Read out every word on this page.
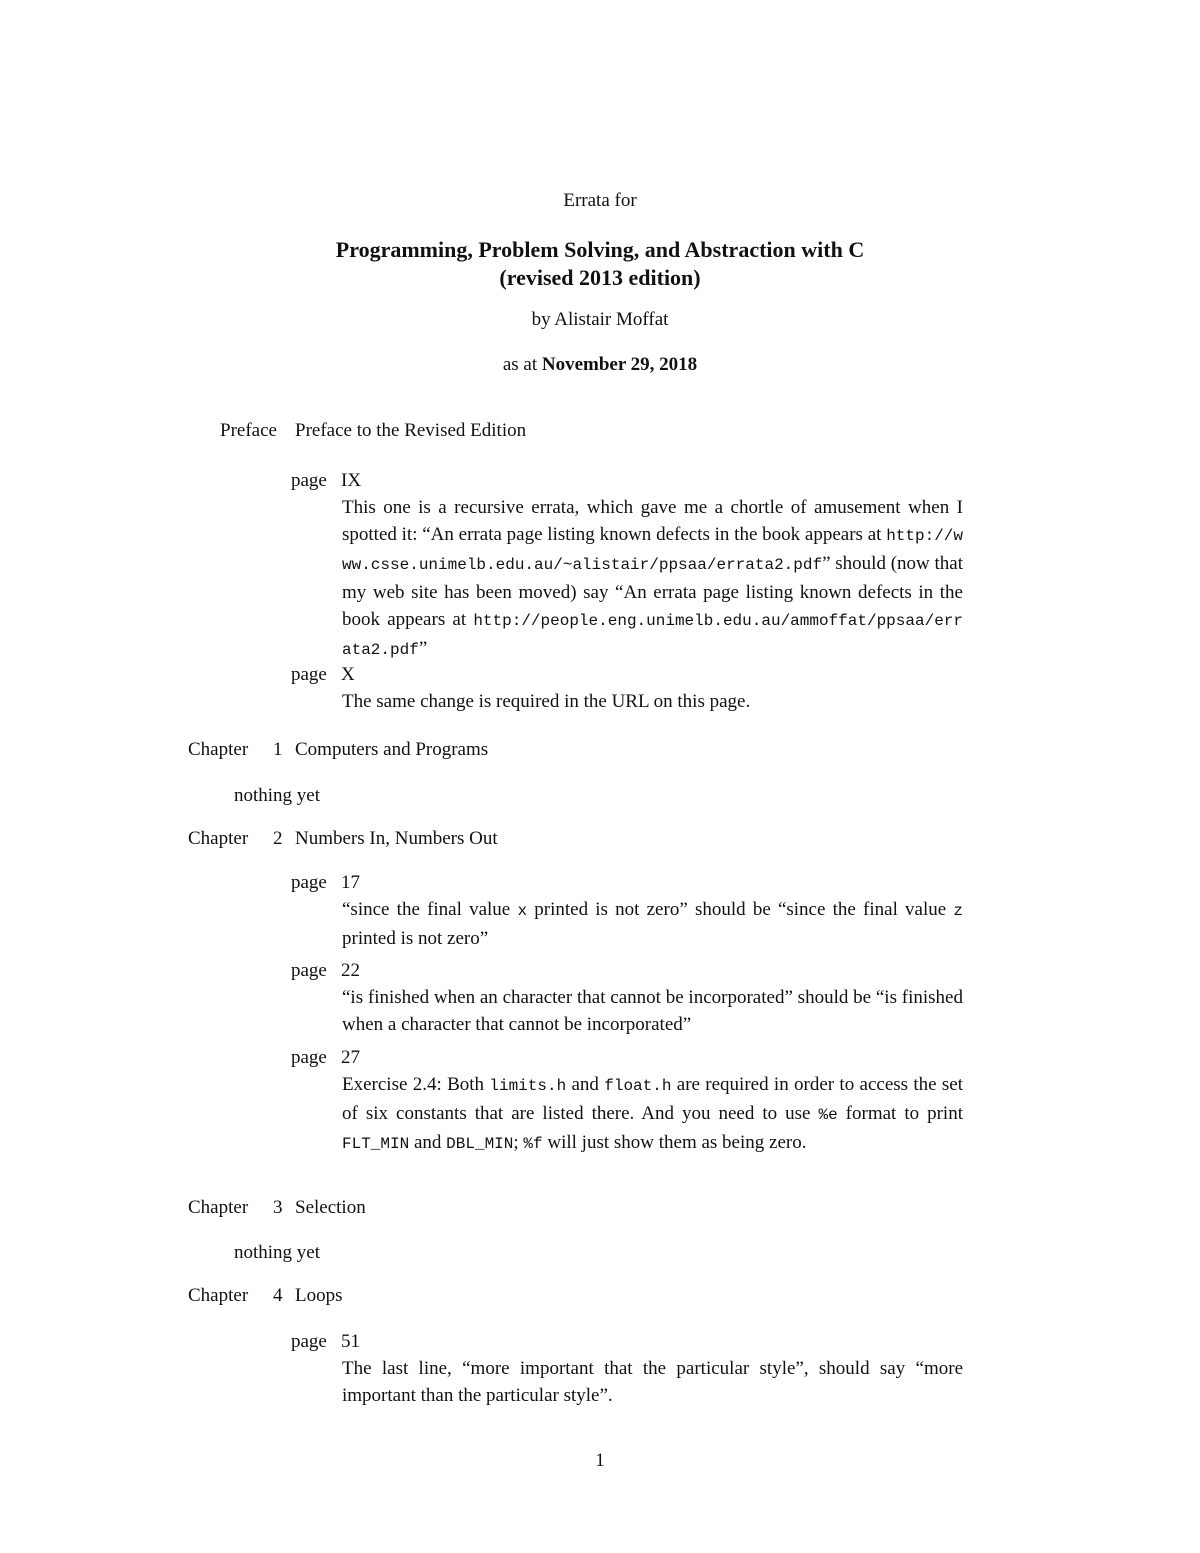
Errata for
Programming, Problem Solving, and Abstraction with C
(revised 2013 edition)
by Alistair Moffat
as at November 29, 2018
Preface Preface to the Revised Edition
page IX
This one is a recursive errata, which gave me a chortle of amusement when I spotted it: “An errata page listing known defects in the book appears at http://www.csse.unimelb.edu.au/~alistair/ppsaa/errata2.pdf” should (now that my web site has been moved) say “An errata page listing known defects in the book appears at http://people.eng.unimelb.edu.au/ammoffat/ppsaa/errata2.pdf”
page X
The same change is required in the URL on this page.
Chapter 1 Computers and Programs
nothing yet
Chapter 2 Numbers In, Numbers Out
page 17
“since the final value x printed is not zero” should be “since the final value z printed is not zero”
page 22
“is finished when an character that cannot be incorporated” should be “is finished when a character that cannot be incorporated”
page 27
Exercise 2.4: Both limits.h and float.h are required in order to access the set of six constants that are listed there. And you need to use %e format to print FLT_MIN and DBL_MIN; %f will just show them as being zero.
Chapter 3 Selection
nothing yet
Chapter 4 Loops
page 51
The last line, “more important that the particular style”, should say “more important than the particular style”.
1
